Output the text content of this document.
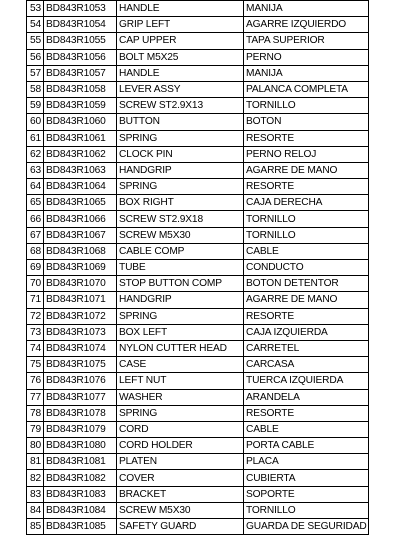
53	BD843R1053	HANDLE	MANIJA
54	BD843R1054	GRIP LEFT	AGARRE IZQUIERDO
55	BD843R1055	CAP UPPER	TAPA SUPERIOR
56	BD843R1056	BOLT M5X25	PERNO
57	BD843R1057	HANDLE	MANIJA
58	BD843R1058	LEVER ASSY	PALANCA COMPLETA
59	BD843R1059	SCREW ST2.9X13	TORNILLO
60	BD843R1060	BUTTON	BOTON
61	BD843R1061	SPRING	RESORTE
62	BD843R1062	CLOCK PIN	PERNO RELOJ
63	BD843R1063	HANDGRIP	AGARRE DE MANO
64	BD843R1064	SPRING	RESORTE
65	BD843R1065	BOX RIGHT	CAJA DERECHA
66	BD843R1066	SCREW ST2.9X18	TORNILLO
67	BD843R1067	SCREW M5X30	TORNILLO
68	BD843R1068	CABLE COMP	CABLE
69	BD843R1069	TUBE	CONDUCTO
70	BD843R1070	STOP BUTTON COMP	BOTON DETENTOR
71	BD843R1071	HANDGRIP	AGARRE DE MANO
72	BD843R1072	SPRING	RESORTE
73	BD843R1073	BOX LEFT	CAJA IZQUIERDA
74	BD843R1074	NYLON CUTTER HEAD	CARRETEL
75	BD843R1075	CASE	CARCASA
76	BD843R1076	LEFT NUT	TUERCA IZQUIERDA
77	BD843R1077	WASHER	ARANDELA
78	BD843R1078	SPRING	RESORTE
79	BD843R1079	CORD	CABLE
80	BD843R1080	CORD HOLDER	PORTA CABLE
81	BD843R1081	PLATEN	PLACA
82	BD843R1082	COVER	CUBIERTA
83	BD843R1083	BRACKET	SOPORTE
84	BD843R1084	SCREW M5X30	TORNILLO
85	BD843R1085	SAFETY GUARD	GUARDA DE SEGURIDAD
